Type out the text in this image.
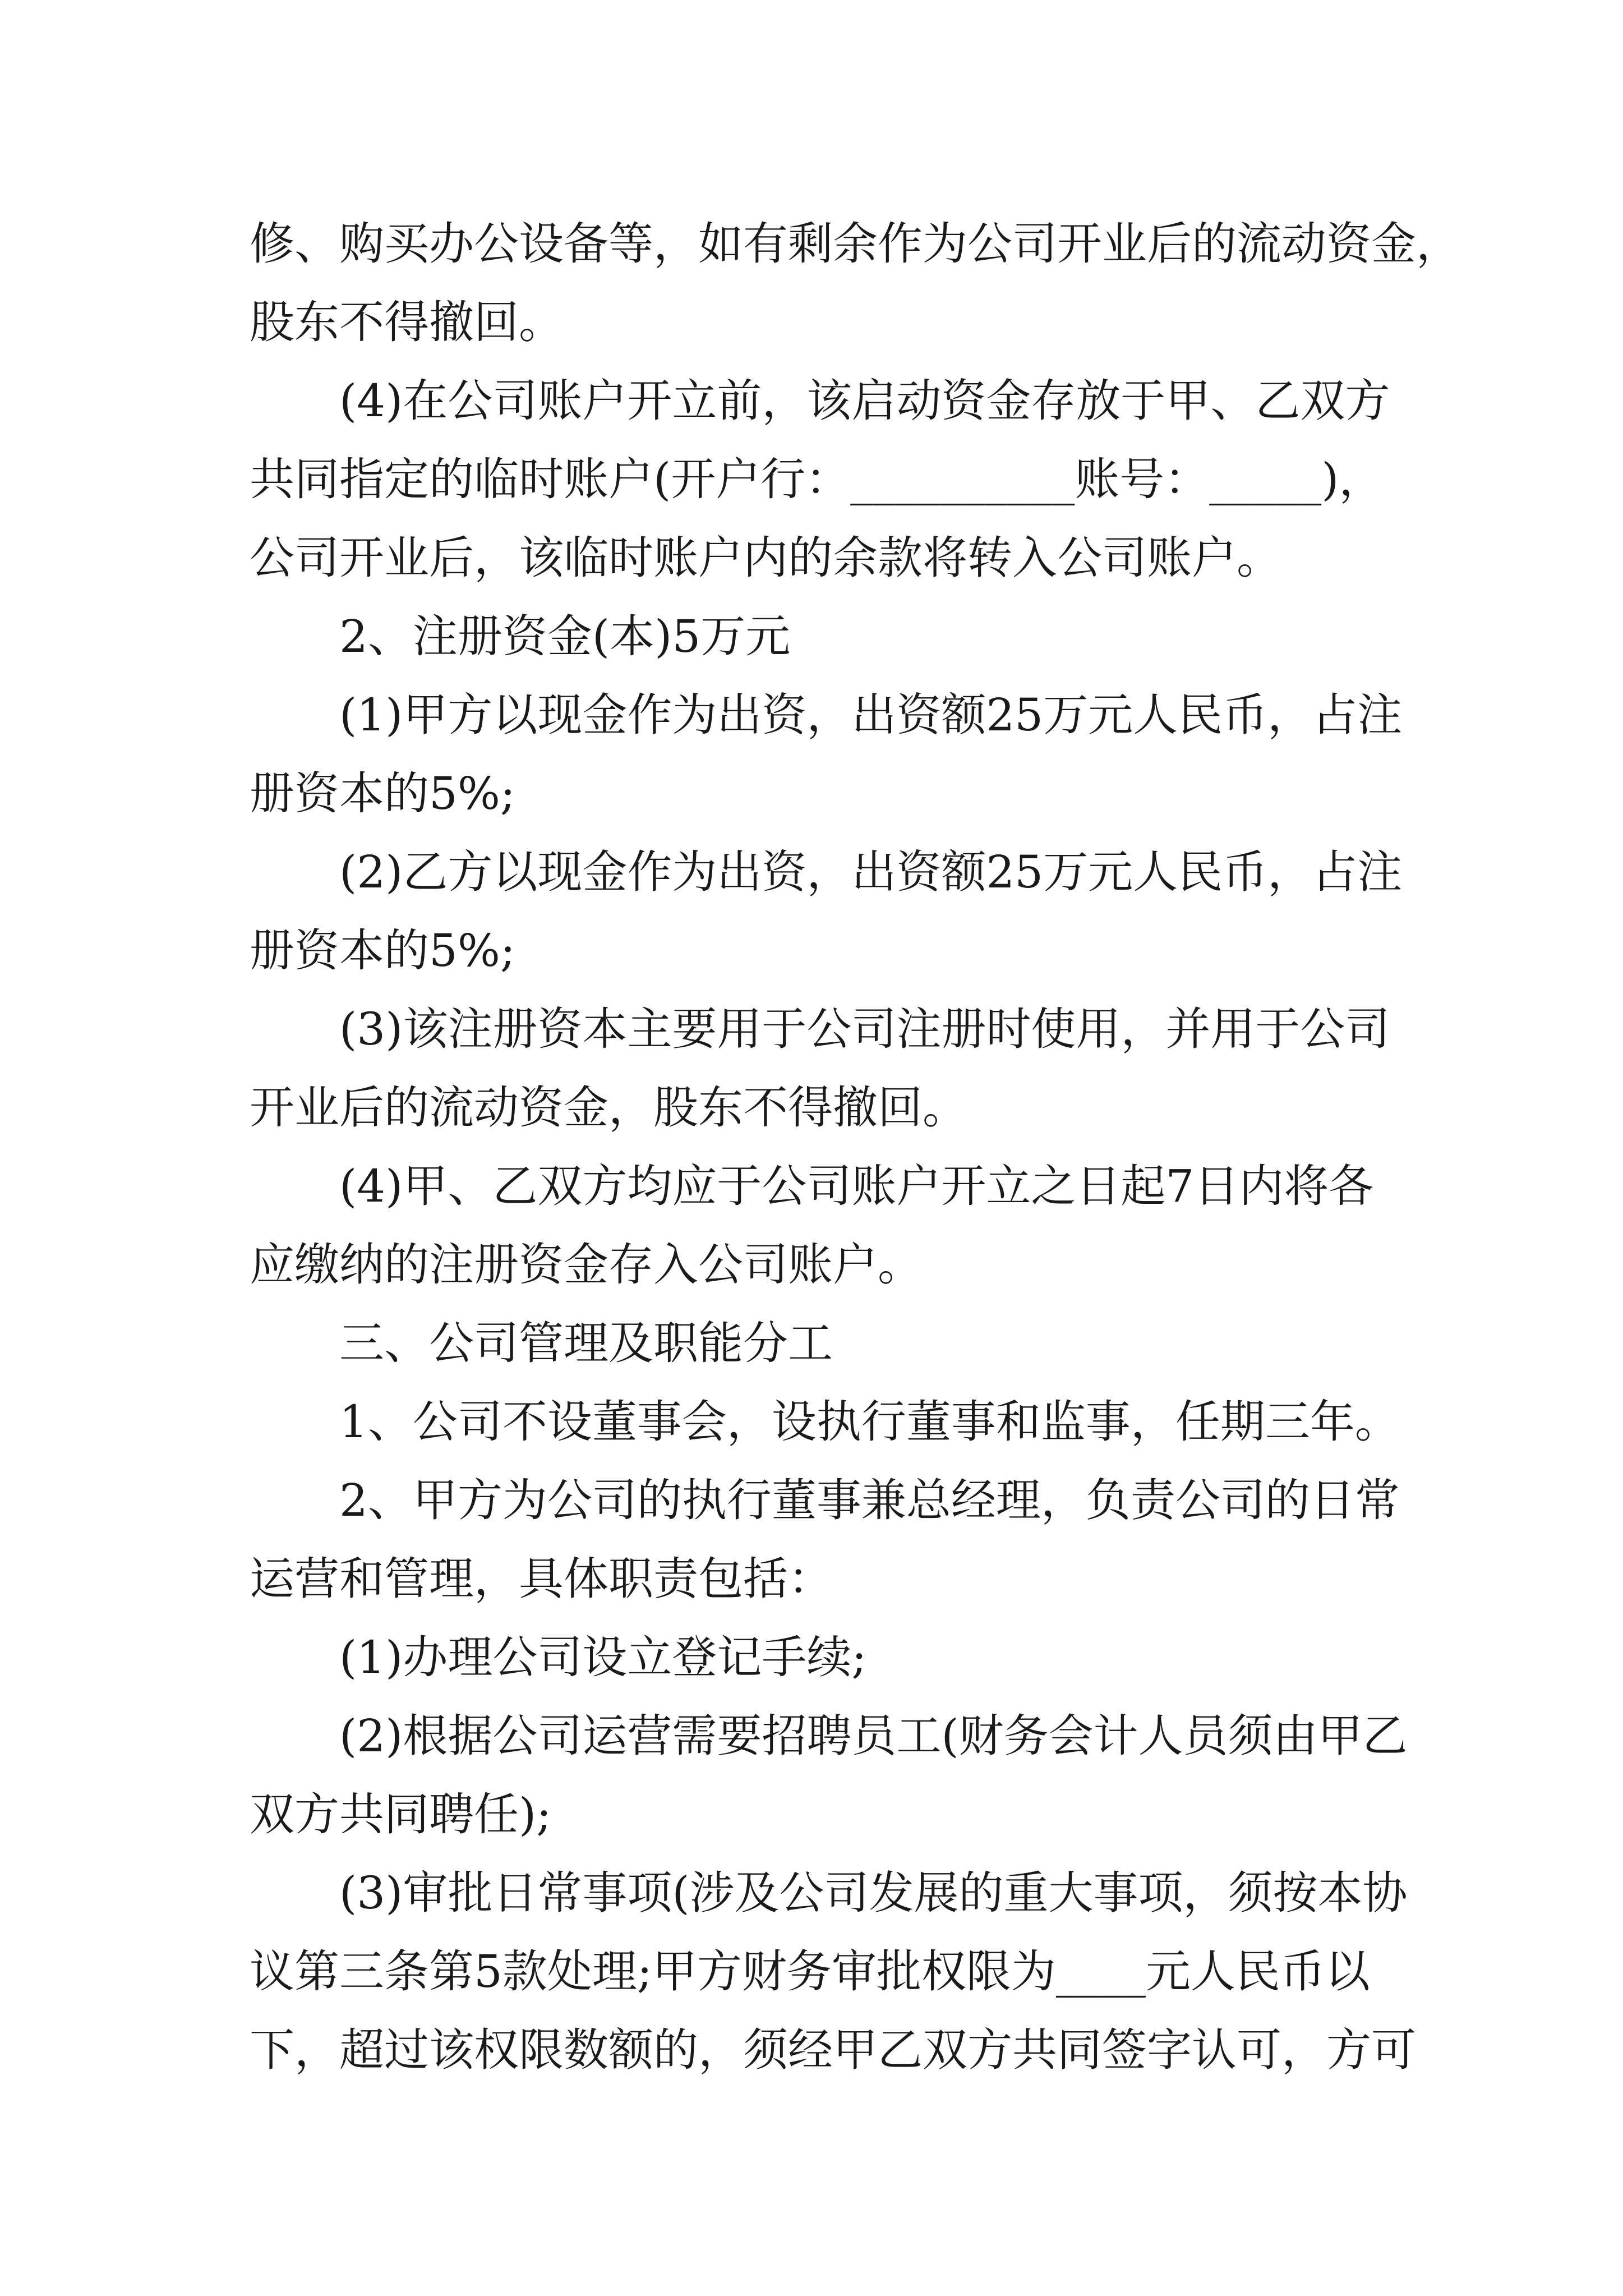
修、购买办公设备等，如有剩余作为公司开业后的流动资金，
股东不得撤回。
(4)在公司账户开立前，该启动资金存放于甲、乙双方
共同指定的临时账户(开户行：__________账号：_____)，
公司开业后，该临时账户内的余款将转入公司账户。
2、注册资金(本)5万元
(1)甲方以现金作为出资，出资额25万元人民币，占注
册资本的5%;
(2)乙方以现金作为出资，出资额25万元人民币，占注
册资本的5%;
(3)该注册资本主要用于公司注册时使用，并用于公司
开业后的流动资金，股东不得撤回。
(4)甲、乙双方均应于公司账户开立之日起7日内将各
应缴纳的注册资金存入公司账户。
三、公司管理及职能分工
1、公司不设董事会，设执行董事和监事，任期三年。
2、甲方为公司的执行董事兼总经理，负责公司的日常
运营和管理，具体职责包括：
(1)办理公司设立登记手续;
(2)根据公司运营需要招聘员工(财务会计人员须由甲乙
双方共同聘任);
(3)审批日常事项(涉及公司发展的重大事项，须按本协
议第三条第5款处理;甲方财务审批权限为____元人民币以
下，超过该权限数额的，须经甲乙双方共同签字认可，方可
